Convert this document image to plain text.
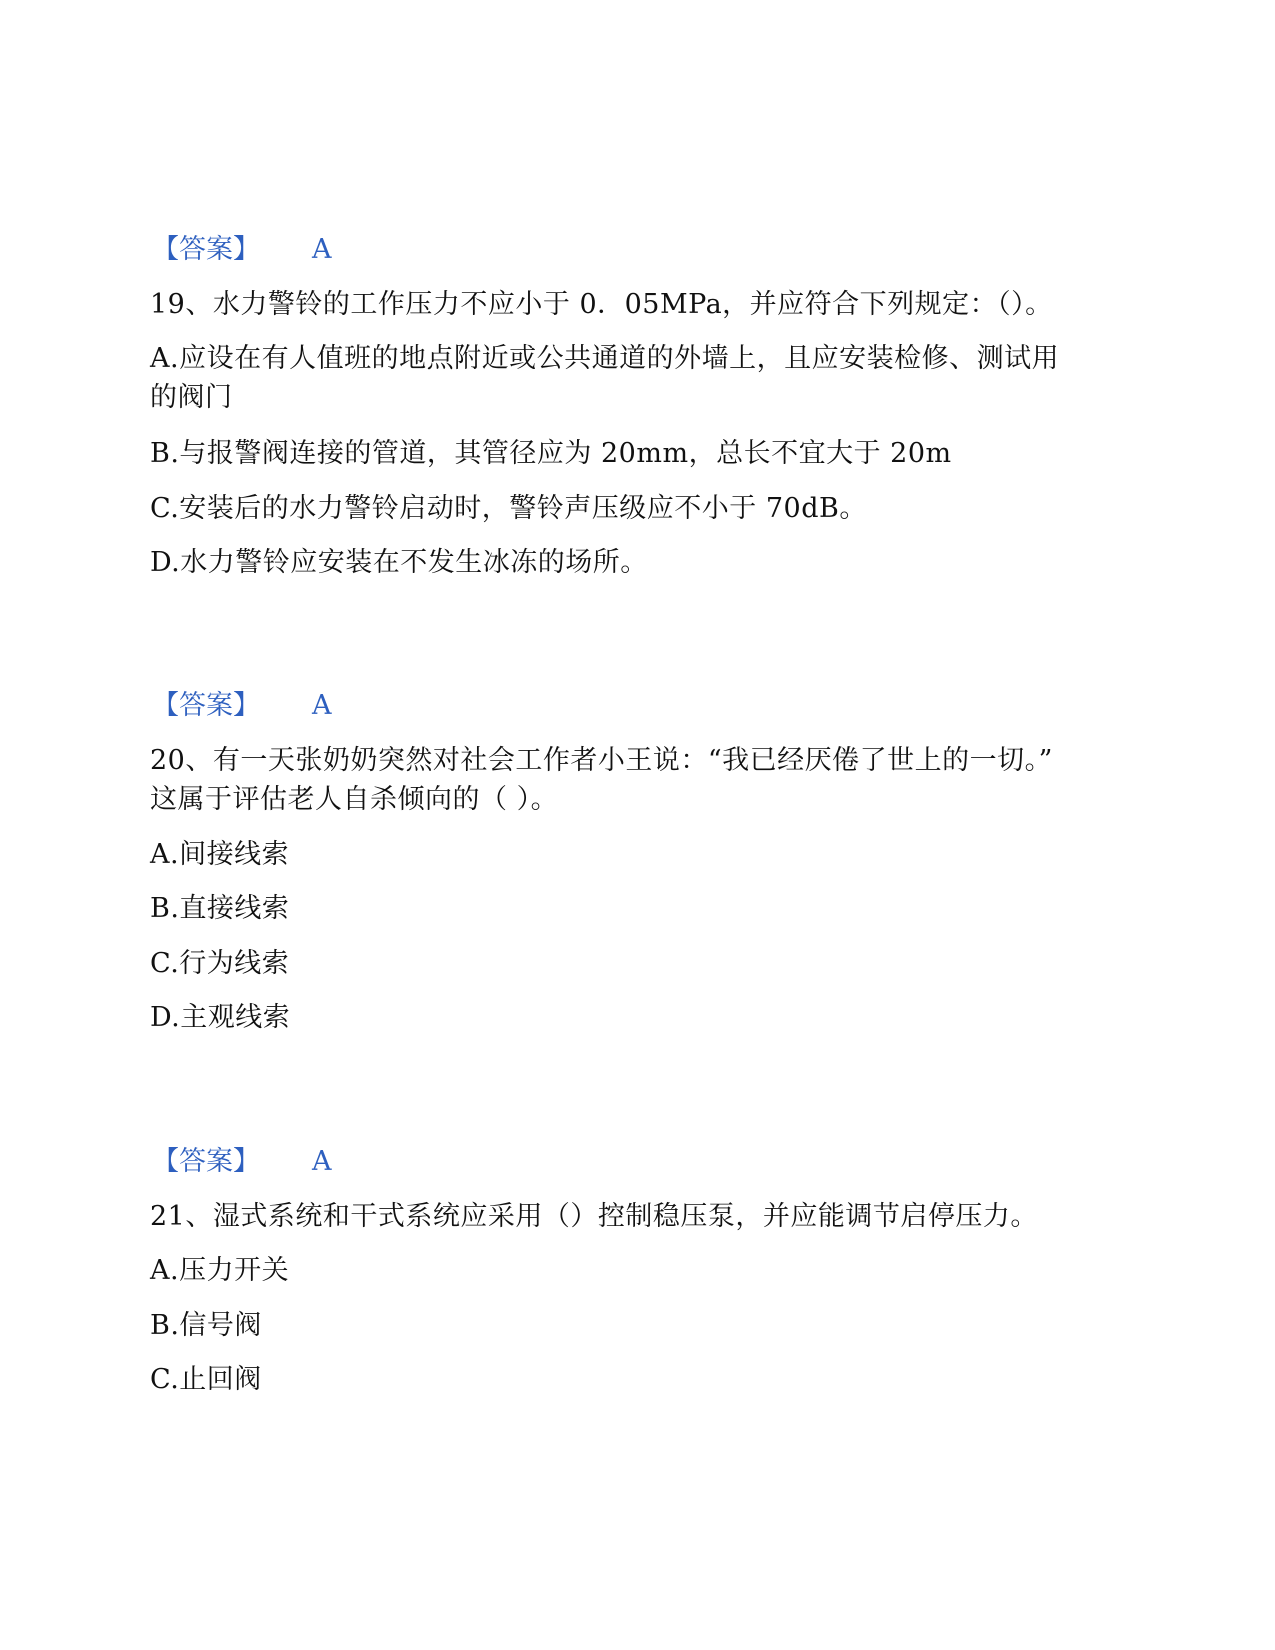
【答案】 A
19、水力警铃的工作压力不应小于 0．05MPa，并应符合下列规定：（）。
A.应设在有人值班的地点附近或公共通道的外墙上，且应安装检修、测试用
的阀门
B.与报警阀连接的管道，其管径应为 20mm，总长不宜大于 20m
C.安装后的水力警铃启动时，警铃声压级应不小于 70dB。
D.水力警铃应安装在不发生冰冻的场所。
【答案】 A
20、有一天张奶奶突然对社会工作者小王说：“我已经厌倦了世上的一切。”
这属于评估老人自杀倾向的（ ）。
A.间接线索
B.直接线索
C.行为线索
D.主观线索
【答案】 A
21、湿式系统和干式系统应采用（）控制稳压泵，并应能调节启停压力。
A.压力开关
B.信号阀
C.止回阀
